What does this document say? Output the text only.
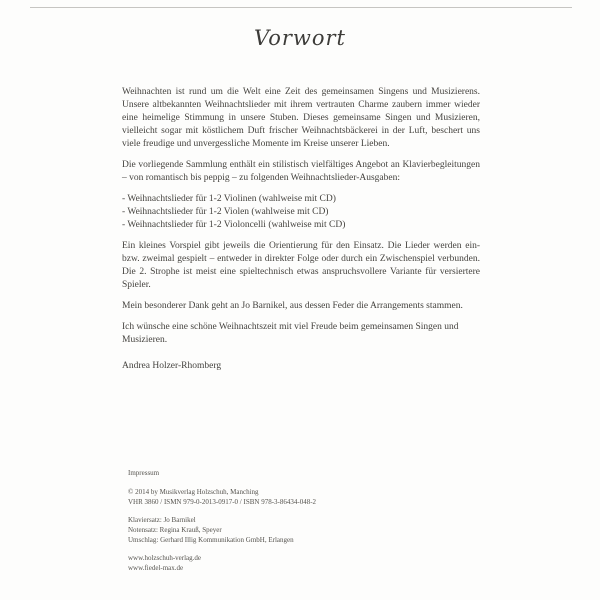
Vorwort

Weihnachten ist rund um die Welt eine Zeit des gemeinsamen Singens und Musizierens. Unsere altbekannten Weihnachtslieder mit ihrem vertrauten Charme zaubern immer wieder eine heimelige Stimmung in unsere Stuben. Dieses gemeinsame Singen und Musizieren, vielleicht sogar mit köstlichem Duft frischer Weihnachtsbäckerei in der Luft, beschert uns viele freudige und unvergessliche Momente im Kreise unserer Lieben.

Die vorliegende Sammlung enthält ein stilistisch vielfältiges Angebot an Klavierbegleitungen – von romantisch bis peppig – zu folgenden Weihnachtslieder-Ausgaben:

- Weihnachtslieder für 1-2 Violinen (wahlweise mit CD)
- Weihnachtslieder für 1-2 Violen (wahlweise mit CD)
- Weihnachtslieder für 1-2 Violoncelli (wahlweise mit CD)

Ein kleines Vorspiel gibt jeweils die Orientierung für den Einsatz. Die Lieder werden ein- bzw. zweimal gespielt – entweder in direkter Folge oder durch ein Zwischenspiel verbunden. Die 2. Strophe ist meist eine spieltechnisch etwas anspruchsvollere Variante für versiertere Spieler.

Mein besonderer Dank geht an Jo Barnikel, aus dessen Feder die Arrangements stammen.

Ich wünsche eine schöne Weihnachtszeit mit viel Freude beim gemeinsamen Singen und Musizieren.

Andrea Holzer-Rhomberg

Impressum
© 2014 by Musikverlag Holzschuh, Manching
VHR 3860 / ISMN 979-0-2013-0917-0 / ISBN 978-3-86434-048-2
Klaviersatz: Jo Barnikel
Notensatz: Regina Krauß, Speyer
Umschlag: Gerhard Illig Kommunikation GmbH, Erlangen
www.holzschuh-verlag.de
www.fiedel-max.de
